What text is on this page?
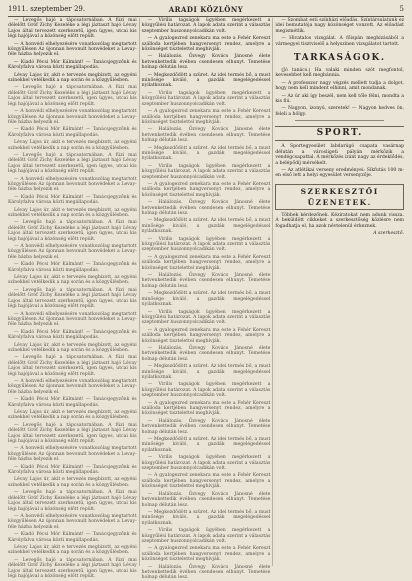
1911. szeptember 29.	ARADI KÖZLÖNY	5

— Levegős hajó a tápcsatornában. A füzi mai délelőtt Gróf Zichy Kezeléke a légi jáztaszt hajó Lévay Lajos által tervezett szerkezetű, igen ügyes, utcai kis légi hajójával a közönség előtt repült.

— A honvédi elhelyezésére vonatkozólag megtartott közgyűlésen Az újonnan bevonult honvédeket a Levay-féle házba helyezik el.

— Kiadó Pécsi Mór Kálmánt! — Tanácsjegyzőnk és Károlyfalva városa közti megállapodás.

Lévay Lajos úr, akit e tervezés megbízott, az egyéni színekkel vetélkedik a nap során és a közgyűlésben.

— Levegős hajó a tápcsatornában. A füzi mai délelőtt Gróf Zichy Kezeléke a légi jáztaszt hajó Lévay Lajos által tervezett szerkezetű, igen ügyes, utcai kis légi hajójával a közönség előtt repült.

— A honvédi elhelyezésére vonatkozólag megtartott közgyűlésen Az újonnan bevonult honvédeket a Levay-féle házba helyezik el.

— Kiadó Pécsi Mór Kálmánt! — Tanácsjegyzőnk és Károlyfalva városa közti megállapodás.

Lévay Lajos úr, akit e tervezés megbízott, az egyéni színekkel vetélkedik a nap során és a közgyűlésben.

— Levegős hajó a tápcsatornában. A füzi mai délelőtt Gróf Zichy Kezeléke a légi jáztaszt hajó Lévay Lajos által tervezett szerkezetű, igen ügyes, utcai kis légi hajójával a közönség előtt repült.

— A honvédi elhelyezésére vonatkozólag megtartott közgyűlésen Az újonnan bevonult honvédeket a Levay-féle házba helyezik el.

— Kiadó Pécsi Mór Kálmánt! — Tanácsjegyzőnk és Károlyfalva városa közti megállapodás.

Lévay Lajos úr, akit e tervezés megbízott, az egyéni színekkel vetélkedik a nap során és a közgyűlésben.

— Levegős hajó a tápcsatornában. A füzi mai délelőtt Gróf Zichy Kezeléke a légi jáztaszt hajó Lévay Lajos által tervezett szerkezetű, igen ügyes, utcai kis légi hajójával a közönség előtt repült.

— A honvédi elhelyezésére vonatkozólag megtartott közgyűlésen Az újonnan bevonult honvédeket a Levay-féle házba helyezik el.

— Kiadó Pécsi Mór Kálmánt! — Tanácsjegyzőnk és Károlyfalva városa közti megállapodás.

Lévay Lajos úr, akit e tervezés megbízott, az egyéni színekkel vetélkedik a nap során és a közgyűlésben.

— Levegős hajó a tápcsatornában. A füzi mai délelőtt Gróf Zichy Kezeléke a légi jáztaszt hajó Lévay Lajos által tervezett szerkezetű, igen ügyes, utcai kis légi hajójával a közönség előtt repült.

— A honvédi elhelyezésére vonatkozólag megtartott közgyűlésen Az újonnan bevonult honvédeket a Levay-féle házba helyezik el.

— Kiadó Pécsi Mór Kálmánt! — Tanácsjegyzőnk és Károlyfalva városa közti megállapodás.

Lévay Lajos úr, akit e tervezés megbízott, az egyéni színekkel vetélkedik a nap során és a közgyűlésben.

— Levegős hajó a tápcsatornában. A füzi mai délelőtt Gróf Zichy Kezeléke a légi jáztaszt hajó Lévay Lajos által tervezett szerkezetű, igen ügyes, utcai kis légi hajójával a közönség előtt repült.

— A honvédi elhelyezésére vonatkozólag megtartott közgyűlésen Az újonnan bevonult honvédeket a Levay-féle házba helyezik el.

— Kiadó Pécsi Mór Kálmánt! — Tanácsjegyzőnk és Károlyfalva városa közti megállapodás.

Lévay Lajos úr, akit e tervezés megbízott, az egyéni színekkel vetélkedik a nap során és a közgyűlésben.

— Levegős hajó a tápcsatornában. A füzi mai délelőtt Gróf Zichy Kezeléke a légi jáztaszt hajó Lévay Lajos által tervezett szerkezetű, igen ügyes, utcai kis légi hajójával a közönség előtt repült.

— A honvédi elhelyezésére vonatkozólag megtartott közgyűlésen Az újonnan bevonult honvédeket a Levay-féle házba helyezik el.

— Kiadó Pécsi Mór Kálmánt! — Tanácsjegyzőnk és Károlyfalva városa közti megállapodás.

Lévay Lajos úr, akit e tervezés megbízott, az egyéni színekkel vetélkedik a nap során és a közgyűlésben.

— Levegős hajó a tápcsatornában. A füzi mai délelőtt Gróf Zichy Kezeléke a légi jáztaszt hajó Lévay Lajos által tervezett szerkezetű, igen ügyes, utcai kis légi hajójával a közönség előtt repült.

— A honvédi elhelyezésére vonatkozólag megtartott közgyűlésen Az újonnan bevonult honvédeket a Levay-féle házba helyezik el.

— Kiadó Pécsi Mór Kálmánt! — Tanácsjegyzőnk és Károlyfalva városa közti megállapodás.

Lévay Lajos úr, akit e tervezés megbízott, az egyéni színekkel vetélkedik a nap során és a közgyűlésben.

— Levegős hajó a tápcsatornában. A füzi mai délelőtt Gróf Zichy Kezeléke a légi jáztaszt hajó Lévay Lajos által tervezett szerkezetű, igen ügyes, utcai kis légi hajójával a közönség előtt repült.

— Virilis tagságok ügyében megérkezett a közgyűlési határozat. A lapok adata szerint a választás szeptember huszonnyolcadikán volt.

— A gyalogezred zenekara ma este a Fehér Kereszt szálloda kertjében hangversenyt rendez, amelyre a közönséget tisztelettel meghívják.

— Halálozás. Özvegy Kovács Jánosné élete hetvenkettedik évében csendesen elhunyt. Temetése holnap délután lesz.

— Megkezdődött a szüret. Az idei termés bő, a must minősége kiváló, a gazdák megelégedéssel nyilatkoznak.

— Virilis tagságok ügyében megérkezett a közgyűlési határozat. A lapok adata szerint a választás szeptember huszonnyolcadikán volt.

— A gyalogezred zenekara ma este a Fehér Kereszt szálloda kertjében hangversenyt rendez, amelyre a közönséget tisztelettel meghívják.

— Halálozás. Özvegy Kovács Jánosné élete hetvenkettedik évében csendesen elhunyt. Temetése holnap délután lesz.

— Megkezdődött a szüret. Az idei termés bő, a must minősége kiváló, a gazdák megelégedéssel nyilatkoznak.

— Virilis tagságok ügyében megérkezett a közgyűlési határozat. A lapok adata szerint a választás szeptember huszonnyolcadikán volt.

— A gyalogezred zenekara ma este a Fehér Kereszt szálloda kertjében hangversenyt rendez, amelyre a közönséget tisztelettel meghívják.

— Halálozás. Özvegy Kovács Jánosné élete hetvenkettedik évében csendesen elhunyt. Temetése holnap délután lesz.

— Megkezdődött a szüret. Az idei termés bő, a must minősége kiváló, a gazdák megelégedéssel nyilatkoznak.

— Virilis tagságok ügyében megérkezett a közgyűlési határozat. A lapok adata szerint a választás szeptember huszonnyolcadikán volt.

— A gyalogezred zenekara ma este a Fehér Kereszt szálloda kertjében hangversenyt rendez, amelyre a közönséget tisztelettel meghívják.

— Halálozás. Özvegy Kovács Jánosné élete hetvenkettedik évében csendesen elhunyt. Temetése holnap délután lesz.

— Megkezdődött a szüret. Az idei termés bő, a must minősége kiváló, a gazdák megelégedéssel nyilatkoznak.

— Virilis tagságok ügyében megérkezett a közgyűlési határozat. A lapok adata szerint a választás szeptember huszonnyolcadikán volt.

— A gyalogezred zenekara ma este a Fehér Kereszt szálloda kertjében hangversenyt rendez, amelyre a közönséget tisztelettel meghívják.

— Halálozás. Özvegy Kovács Jánosné élete hetvenkettedik évében csendesen elhunyt. Temetése holnap délután lesz.

— Megkezdődött a szüret. Az idei termés bő, a must minősége kiváló, a gazdák megelégedéssel nyilatkoznak.

— Virilis tagságok ügyében megérkezett a közgyűlési határozat. A lapok adata szerint a választás szeptember huszonnyolcadikán volt.

— A gyalogezred zenekara ma este a Fehér Kereszt szálloda kertjében hangversenyt rendez, amelyre a közönséget tisztelettel meghívják.

— Halálozás. Özvegy Kovács Jánosné élete hetvenkettedik évében csendesen elhunyt. Temetése holnap délután lesz.

— Megkezdődött a szüret. Az idei termés bő, a must minősége kiváló, a gazdák megelégedéssel nyilatkoznak.

— Virilis tagságok ügyében megérkezett a közgyűlési határozat. A lapok adata szerint a választás szeptember huszonnyolcadikán volt.

— A gyalogezred zenekara ma este a Fehér Kereszt szálloda kertjében hangversenyt rendez, amelyre a közönséget tisztelettel meghívják.

— Halálozás. Özvegy Kovács Jánosné élete hetvenkettedik évében csendesen elhunyt. Temetése holnap délután lesz.

— Megkezdődött a szüret. Az idei termés bő, a must minősége kiváló, a gazdák megelégedéssel nyilatkoznak.

— Virilis tagságok ügyében megérkezett a közgyűlési határozat. A lapok adata szerint a választás szeptember huszonnyolcadikán volt.

— A gyalogezred zenekara ma este a Fehér Kereszt szálloda kertjében hangversenyt rendez, amelyre a közönséget tisztelettel meghívják.

— Halálozás. Özvegy Kovács Jánosné élete hetvenkettedik évében csendesen elhunyt. Temetése holnap délután lesz.

— Szombat esti színházi előadás. Színtársulatunk ez idei bemutatója nagy közönséget vonzott. Az előadást megismétlik.

— Hivatalos vizsgálat. A főispán megbízásából a vármegyei tisztviselő a helyszínen vizsgálatot tartott.

TARKASÁGOK.

(Jó tanács.) Ha valaki minden szót megfontol, kevesebbet kell megbánnia.

— A professzor nagy végzés mellett tudja a dolgot, hogy nem kell mindent elhinni, amit mondanak.

— Az úr aki így beszél, nem kell tőle félni, mondta a kis fiú.

— Nagyon, izonyú, szeretek! — Nagyon kedves ön, feleli a hölgy.

SPORT.

A Sportegyesület labdarúgó csapata vasárnap délután a városligeti pályán mérkőzik a vendégcsapattal. A mérkőzés iránt nagy az érdeklődés, a belépődíj mérsékelt.

— Az atlétikai verseny eredményei: Síkfutás 100 m-en első lett a helyi egyesület versenyzője.

SZERKESZTŐI ÜZENETEK.

Többek kérdezőnek. Kéziratokat nem adunk vissza. A beküldött cikkeket a szerkesztőség közlésre nem fogadhatja el, ha azok névtelenül érkeznek.

A szerkesztő.
